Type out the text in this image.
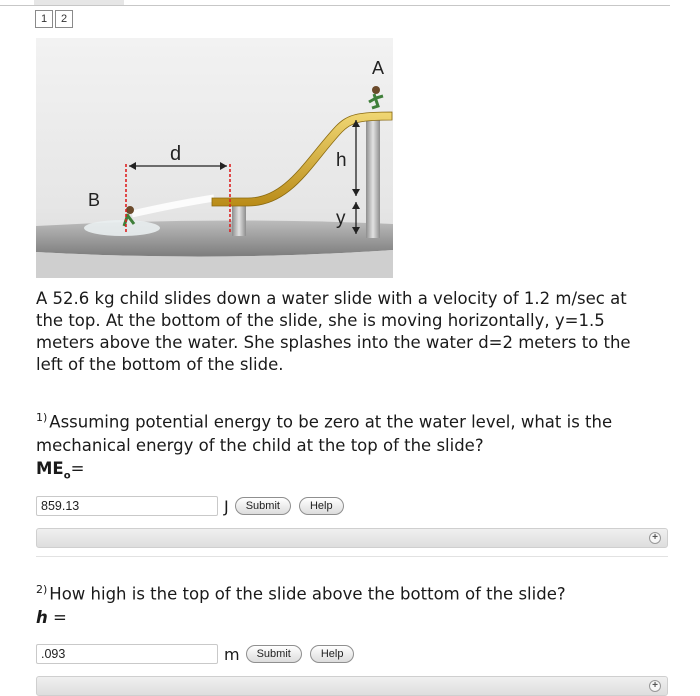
1	2
A
B
d	h
y
A 52.6 kg child slides down a water slide with a velocity of 1.2 m/sec at the top. At the bottom of the slide, she is moving horizontally, y=1.5 meters above the water. She splashes into the water d=2 meters to the left of the bottom of the slide.
$^{1)}$ Assuming potential energy to be zero at the water level, what is the mechanical energy of the child at the top of the slide?
$ME_o=$
859.13
J	Submit	Help
+
$^{2)}$ How high is the top of the slide above the bottom of the slide?
h =
.093
m	Submit	Help
+
